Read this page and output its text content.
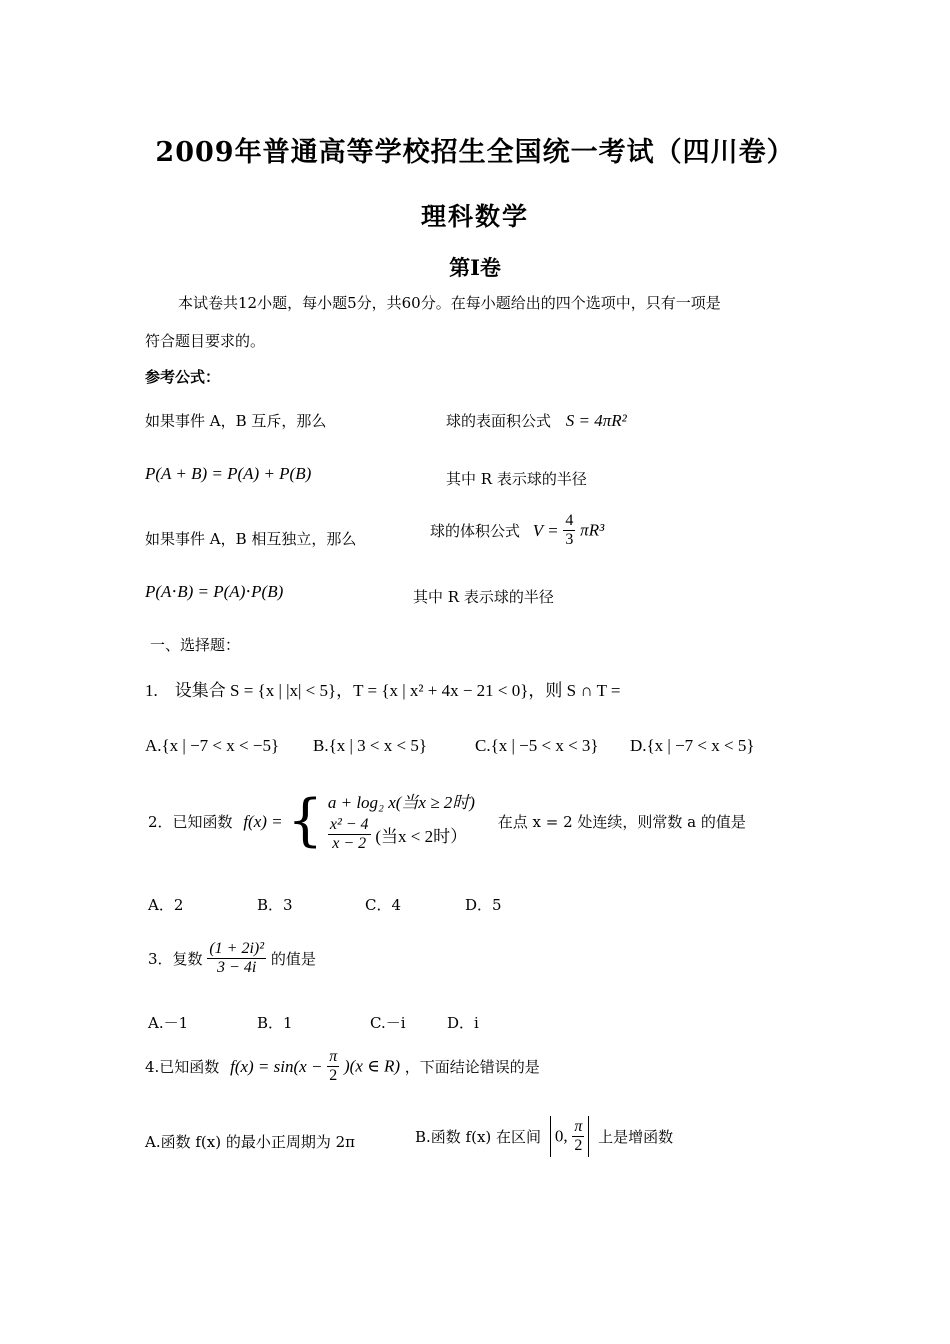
2009年普通高等学校招生全国统一考试（四川卷）
理科数学
第Ⅰ卷
本试卷共12小题，每小题5分，共60分。在每小题给出的四个选项中，只有一项是
符合题目要求的。
参考公式：
如果事件 A，B 互斥，那么	球的表面积公式 S = 4πR²
P(A + B) = P(A) + P(B)	其中 R 表示球的半径
如果事件 A，B 相互独立，那么	球的体积公式 $V = \frac{4}{3} \pi R^3$
P(A⋅B) = P(A)⋅P(B)	其中 R 表示球的半径
一、选择题：
1.　设集合 S = {x | |x| < 5}，T = {x | x² + 4x − 21 < 0}，则 S ∩ T =
A.{x | −7 < x < −5} B.{x | 3 < x < 5}	C.{x | −5 < x < 3} D.{x | −7 < x < 5}
2．已知函数 f(x) = { a + log₂ x(当x ≥ 2时)
$\frac{\text{x² − 4}}{x - 2}$ (当x < 2时）
在点 x = 2 处连续，则常数 a 的值是
A．2	B．3	C．4	D．5
3．复数 $\frac{\text{(1 + 2i)²}}{3 - 4i}$ 的值是
A.－1	B．1	C.－i	D．i
4.已知函数 $f(x) = \sin(x - \frac{\pi}{2} )(x$ ∈ R) ，下面结论错误的是
A.函数 f(x) 的最小正周期为 2π	B.函数 f(x) 在区间 0, $\frac{\pi}{2}$ 上是增函数
